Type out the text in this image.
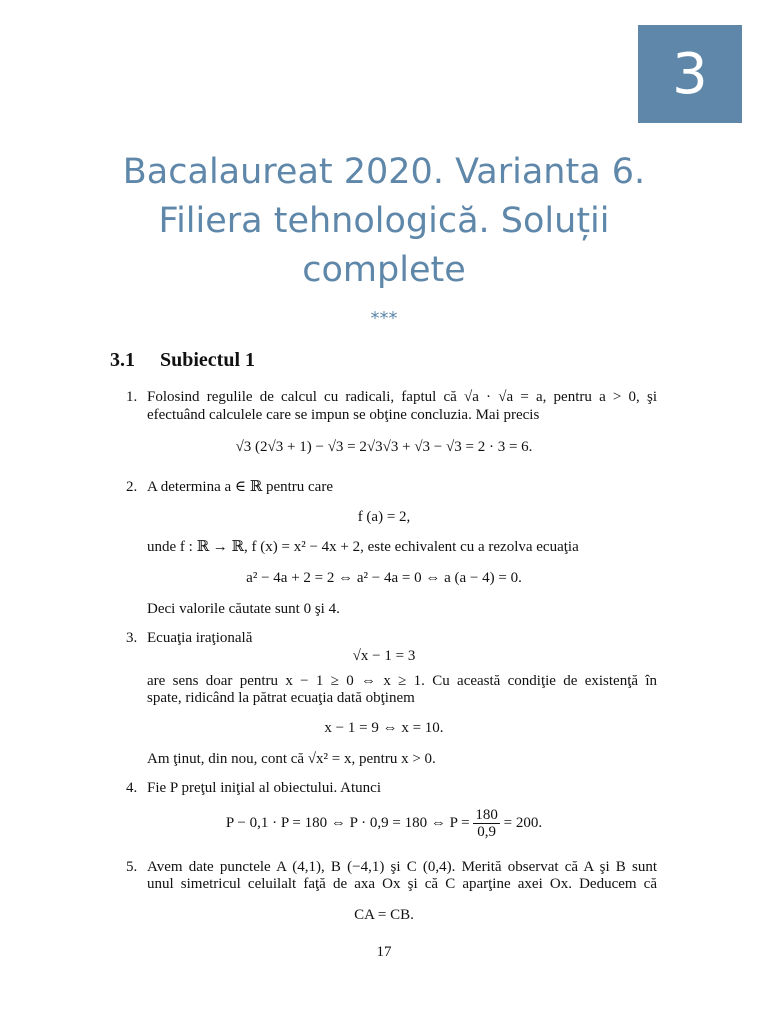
3
Bacalaureat 2020. Varianta 6.
Filiera tehnologică. Soluții
complete
***
3.1 Subiectul 1
1. Folosind regulile de calcul cu radicali, faptul că √a · √a = a, pentru a > 0, şi
efectuând calculele care se impun se obţine concluzia. Mai precis
√3 (2√3 + 1) − √3 = 2√3√3 + √3 − √3 = 2 · 3 = 6.
2. A determina a ∈ ℝ pentru care
f (a) = 2,
unde f : ℝ → ℝ, f (x) = x² − 4x + 2, este echivalent cu a rezolva ecuaţia
a² − 4a + 2 = 2 ⇔ a² − 4a = 0 ⇔ a (a − 4) = 0.
Deci valorile căutate sunt 0 şi 4.
3. Ecuaţia iraţională
√x − 1 = 3
are sens doar pentru x − 1 ≥ 0 ⇔ x ≥ 1. Cu această condiţie de existenţă în
spate, ridicând la pătrat ecuaţia dată obţinem
x − 1 = 9 ⇔ x = 10.
Am ţinut, din nou, cont că √x² = x, pentru x > 0.
4. Fie P preţul iniţial al obiectului. Atunci
P − 0,1 · P = 180 ⇔ P · 0,9 = 180 ⇔ $P = \frac{180}{0,9} = 200$.
5. Avem date punctele A (4,1), B (−4,1) şi C (0,4). Merită observat că A şi B sunt
unul simetricul celuilalt faţă de axa Ox şi că C aparţine axei Ox. Deducem că
CA = CB.
17
